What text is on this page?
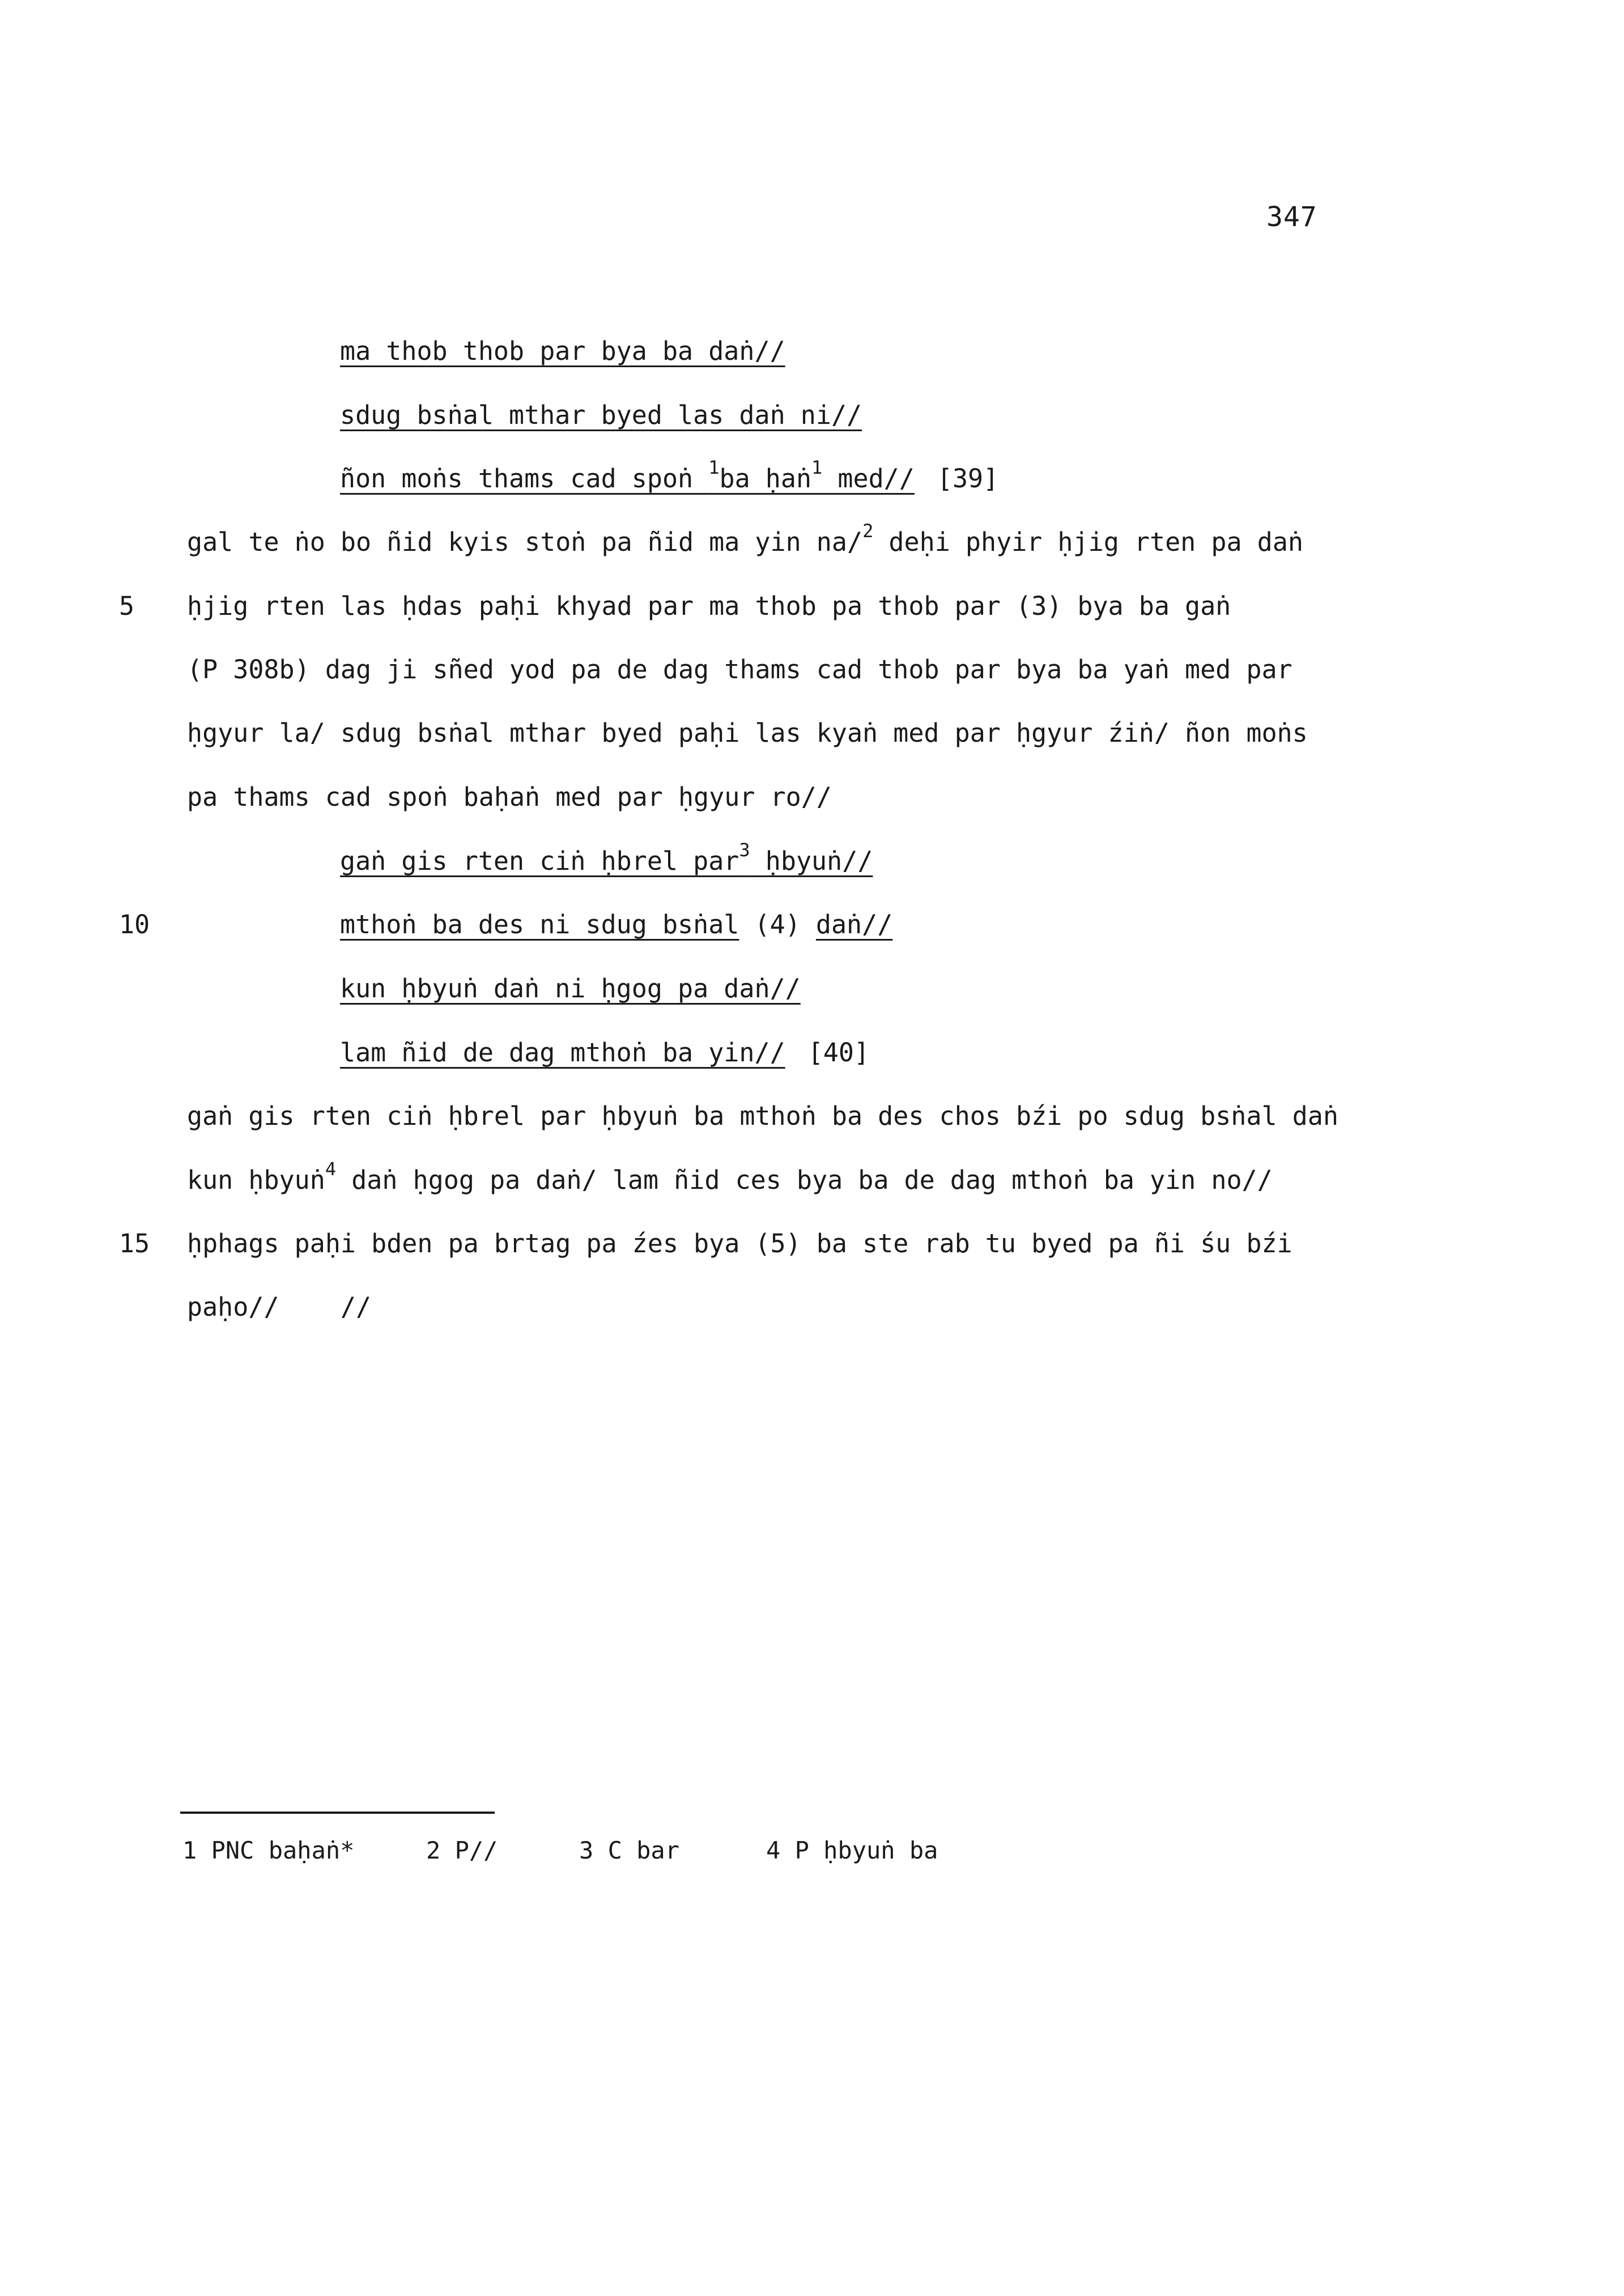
347
ma thob thob par bya ba daṅ//
sdug bsṅal mthar byed las daṅ ni//
ñon moṅs thams cad spoṅ $^1$ba ḥaṅ$^1$ med// [39]
gal te ṅo bo ñid kyis stoṅ pa ñid ma yin na/$^2$ deḥi phyir ḥjig rten pa daṅ
5 ḥjig rten las ḥdas paḥi khyad par ma thob pa thob par (3) bya ba gaṅ
(P 308b) dag ji sñed yod pa de dag thams cad thob par bya ba yaṅ med par
ḥgyur la/ sdug bsṅal mthar byed paḥi las kyaṅ med par ḥgyur źiṅ/ ñon moṅs
pa thams cad spoṅ baḥaṅ med par ḥgyur ro//
gaṅ gis rten ciṅ ḥbrel par$^3$ ḥbyuṅ//
10	mthoṅ ba des ni sdug bsṅal (4) daṅ//
kun ḥbyuṅ daṅ ni ḥgog pa daṅ//
lam ñid de dag mthoṅ ba yin// [40]
gaṅ gis rten ciṅ ḥbrel par ḥbyuṅ ba mthoṅ ba des chos bźi po sdug bsṅal daṅ
kun ḥbyuṅ$^4$ daṅ ḥgog pa daṅ/ lam ñid ces bya ba de dag mthoṅ ba yin no//
15 ḥphags paḥi bden pa brtag pa źes bya (5) ba ste rab tu byed pa ñi śu bźi
paḥo//    //
1 PNC baḥaṅ*	2 P//	3 C bar	4 P ḥbyuṅ ba
